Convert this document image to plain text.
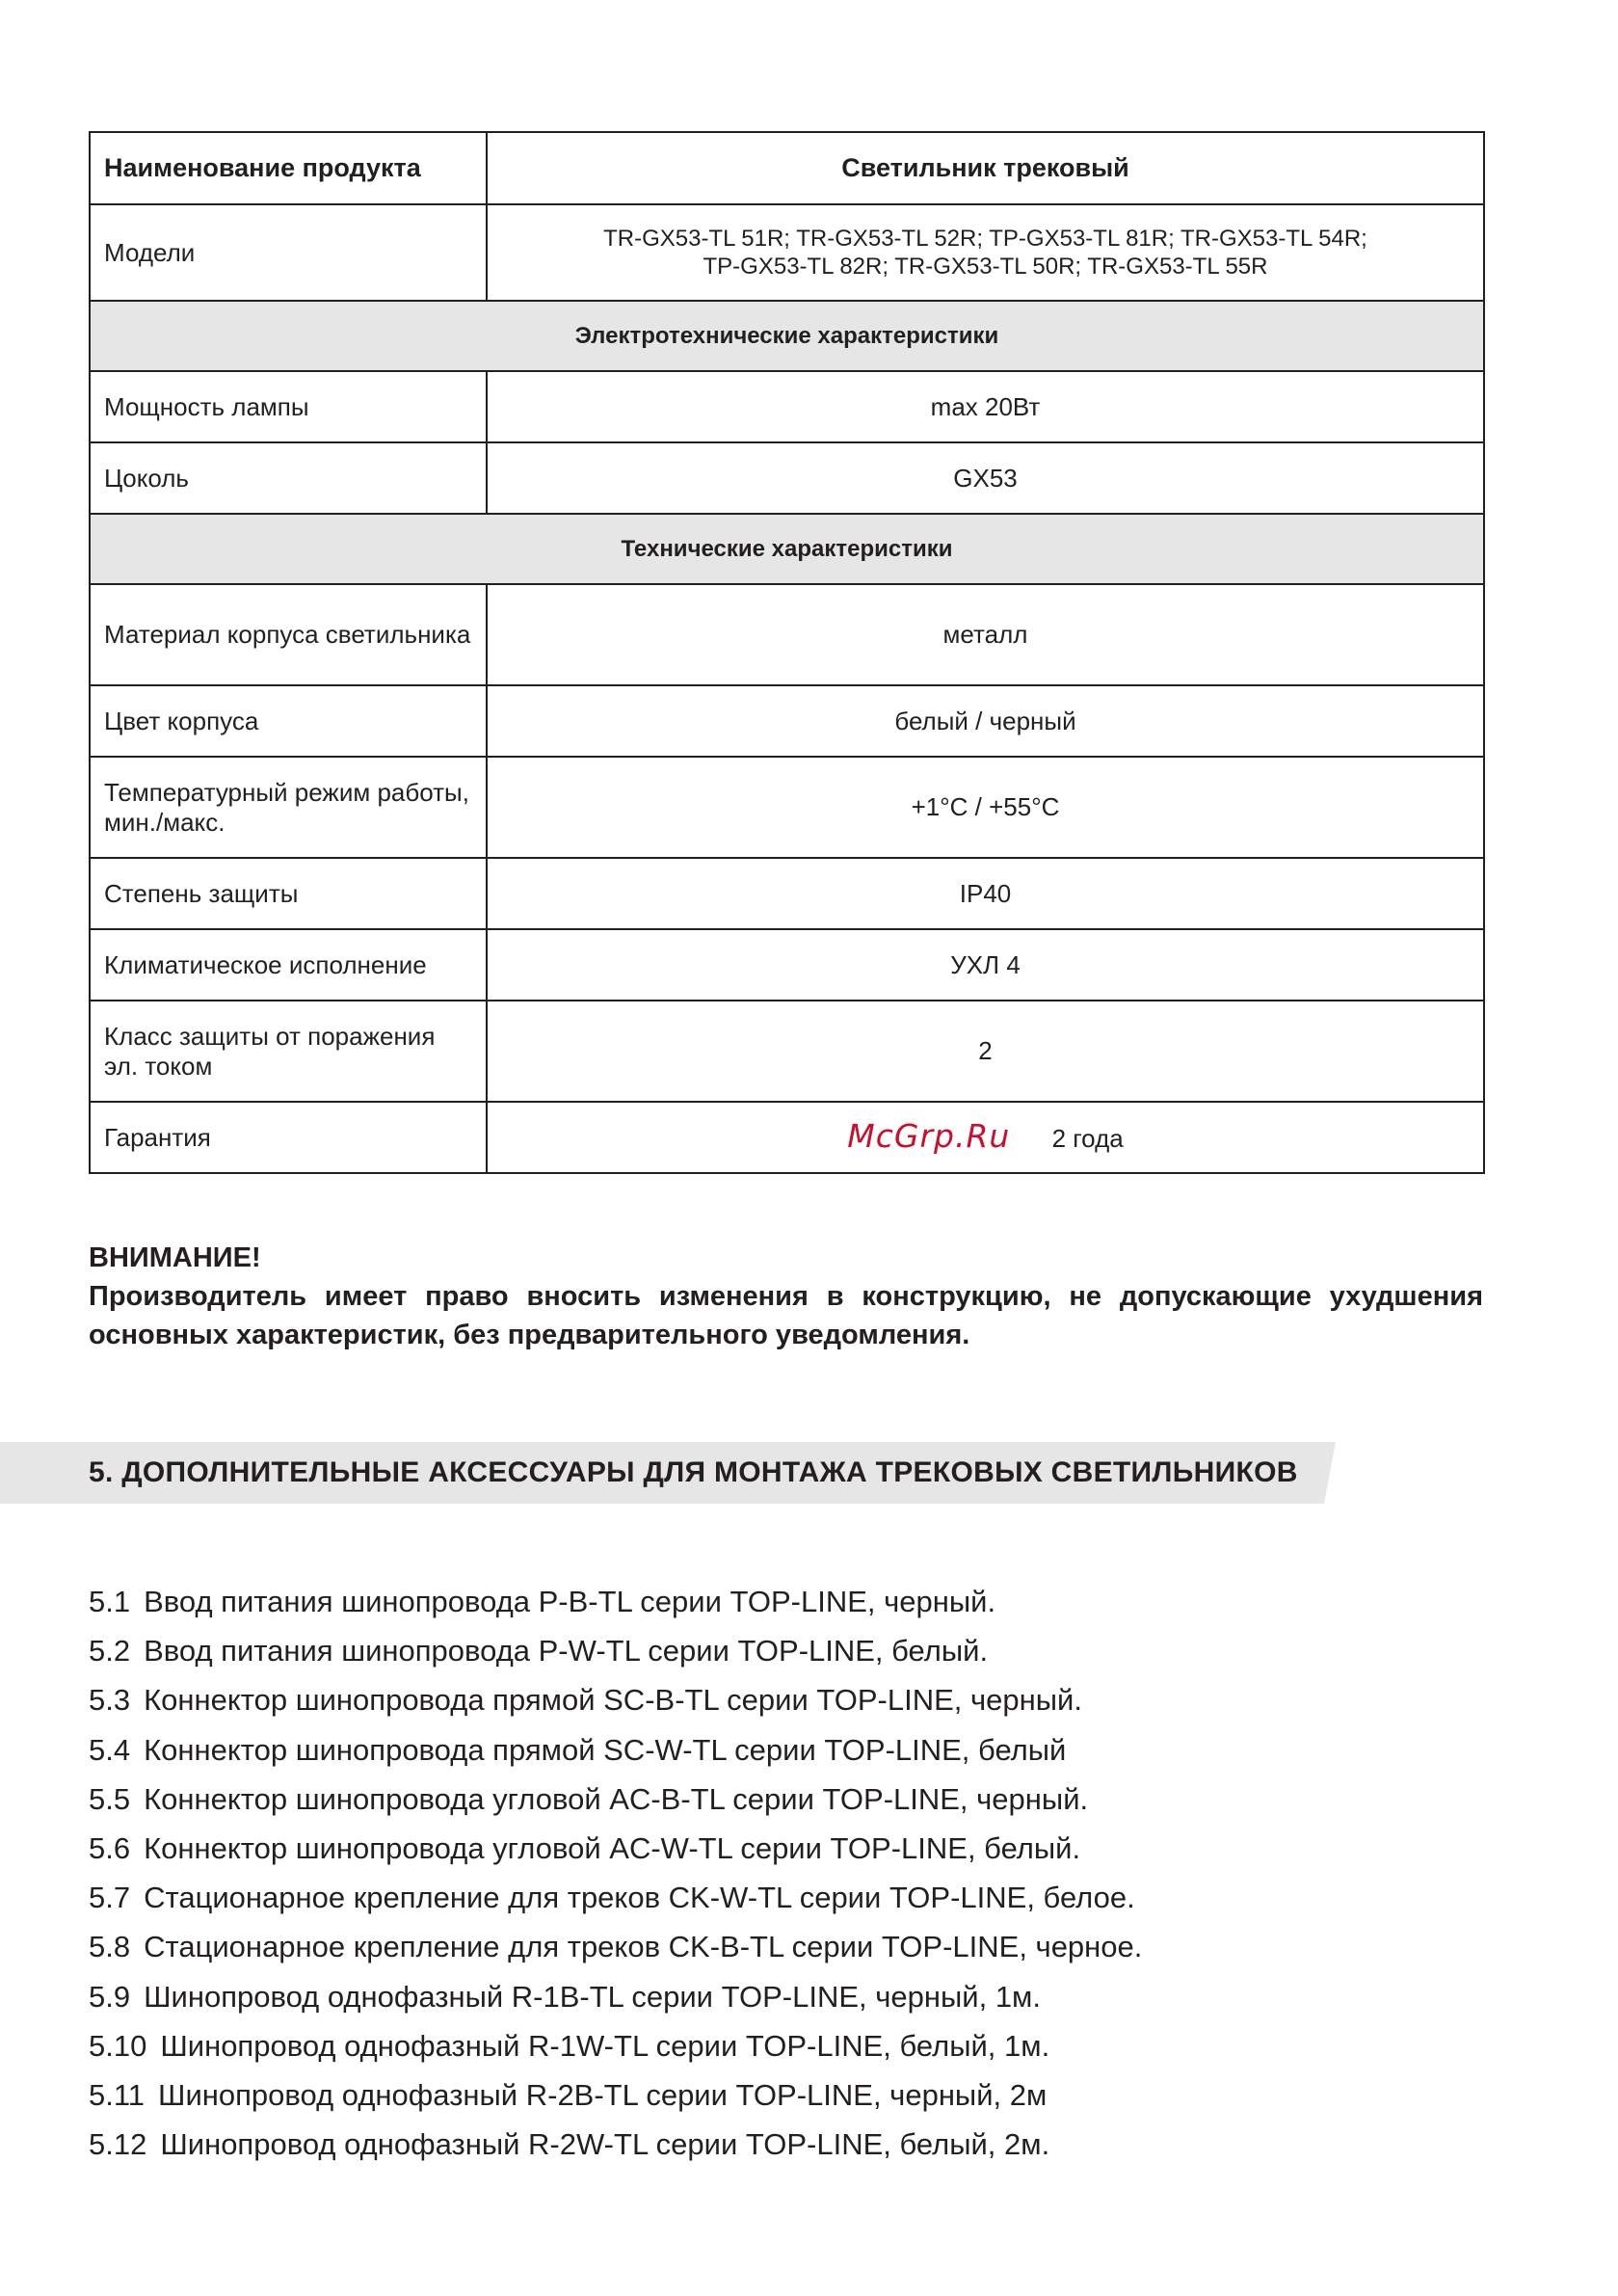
Наименование продукта	Светильник трековый
Модели	TR-GX53-TL 51R; TR-GX53-TL 52R; TP-GX53-TL 81R; TR-GX53-TL 54R;
TP-GX53-TL 82R; TR-GX53-TL 50R; TR-GX53-TL 55R

Электротехнические характеристики	
Мощность лампы	max 20Вт
Цоколь	GX53
Технические характеристики	
Материал корпуса светильника	металл
Цвет корпуса	белый / черный
Температурный режим работы, мин./макс.	+1°C / +55°C
Степень защиты	IP40
Климатическое исполнение	УХЛ 4
Класс защиты от поражения эл. током	2
Гарантия	McGrp.Ru 2 года
ВНИМАНИЕ!
Производитель имеет право вносить изменения в конструкцию, не допускающие ухудшения основных характеристик, без предварительного уведомления.
5. ДОПОЛНИТЕЛЬНЫЕ АКСЕССУАРЫ ДЛЯ МОНТАЖА ТРЕКОВЫХ СВЕТИЛЬНИКОВ
5.1 Ввод питания шинопровода P-B-TL серии TOP-LINE, черный.
5.2 Ввод питания шинопровода P-W-TL серии TOP-LINE, белый.
5.3 Коннектор шинопровода прямой SC-B-TL серии TOP-LINE, черный.
5.4 Коннектор шинопровода прямой SC-W-TL серии TOP-LINE, белый
5.5 Коннектор шинопровода угловой AC-B-TL серии TOP-LINE, черный.
5.6 Коннектор шинопровода угловой AC-W-TL серии TOP-LINE, белый.
5.7 Стационарное крепление для треков CK-W-TL серии TOP-LINE, белое.
5.8 Стационарное крепление для треков CK-B-TL серии TOP-LINE, черное.
5.9 Шинопровод однофазный R-1B-TL серии TOP-LINE, черный, 1м.
5.10 Шинопровод однофазный R-1W-TL серии TOP-LINE, белый, 1м.
5.11 Шинопровод однофазный R-2B-TL серии TOP-LINE, черный, 2м
5.12 Шинопровод однофазный R-2W-TL серии TOP-LINE, белый, 2м.
